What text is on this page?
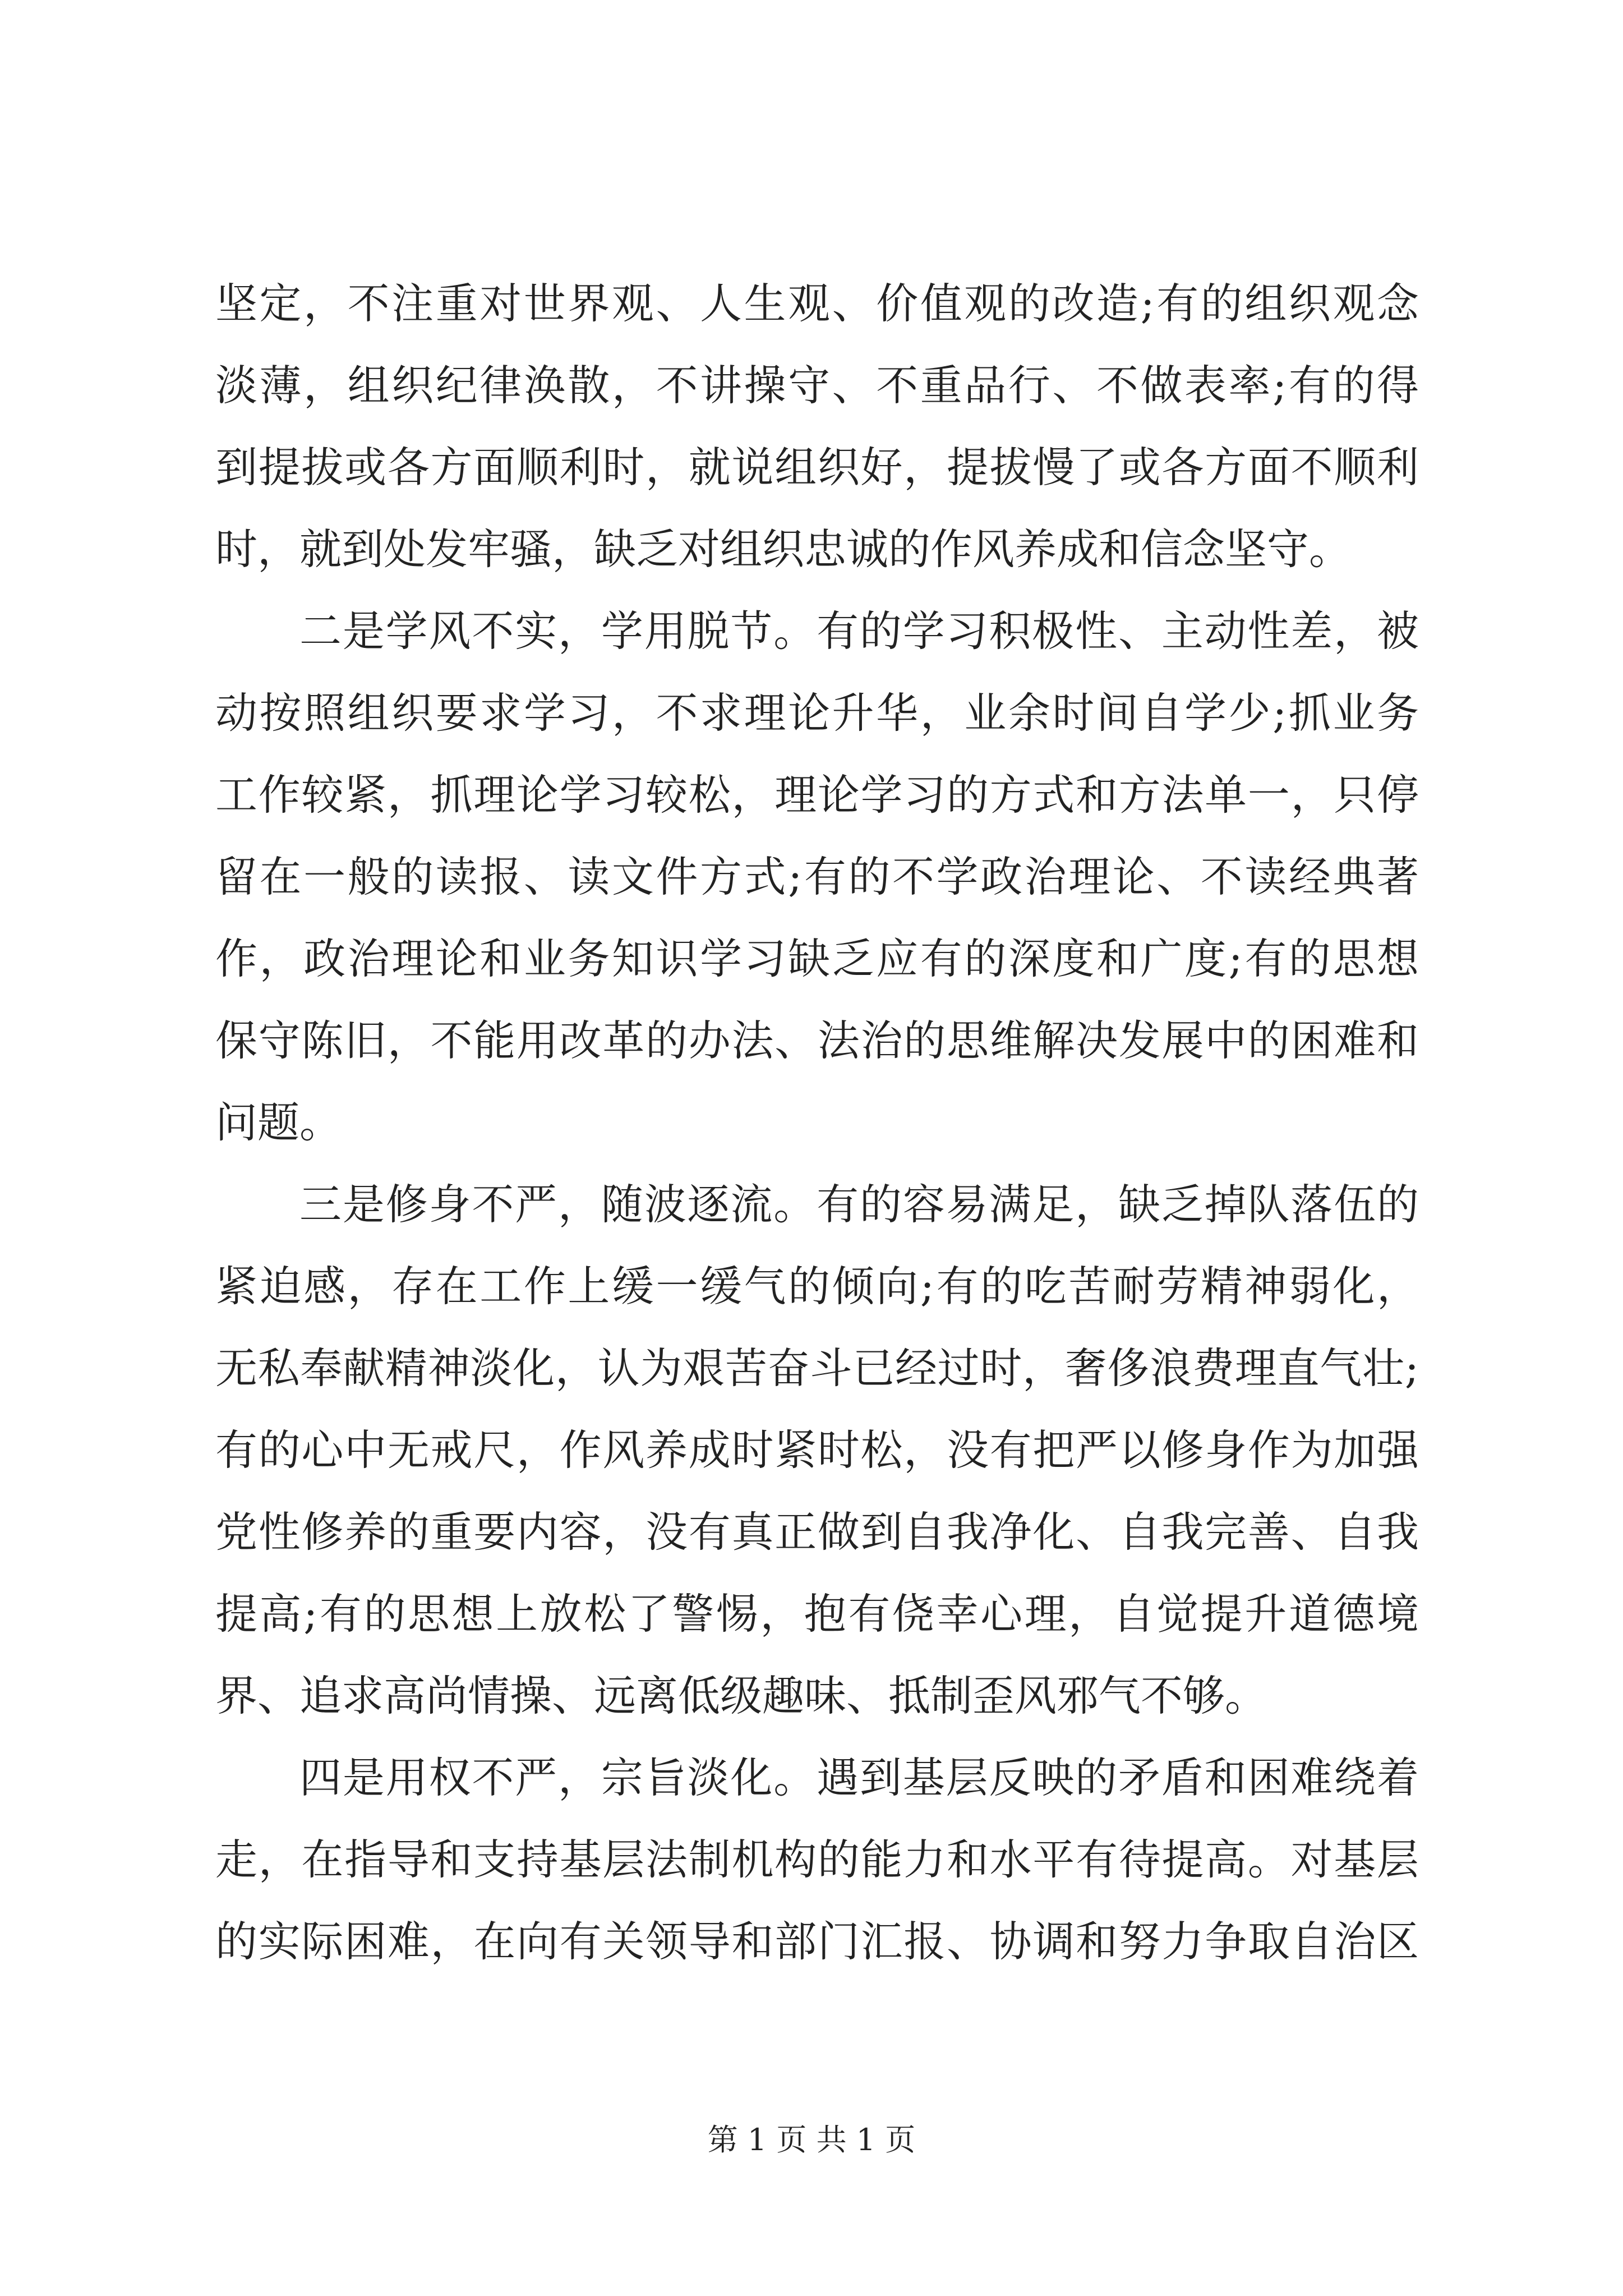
坚定，不注重对世界观、人生观、价值观的改造;有的组织观念
淡薄，组织纪律涣散，不讲操守、不重品行、不做表率;有的得
到提拔或各方面顺利时，就说组织好，提拔慢了或各方面不顺利
时，就到处发牢骚，缺乏对组织忠诚的作风养成和信念坚守。
二是学风不实，学用脱节。有的学习积极性、主动性差，被
动按照组织要求学习，不求理论升华，业余时间自学少;抓业务
工作较紧，抓理论学习较松，理论学习的方式和方法单一，只停
留在一般的读报、读文件方式;有的不学政治理论、不读经典著
作，政治理论和业务知识学习缺乏应有的深度和广度;有的思想
保守陈旧，不能用改革的办法、法治的思维解决发展中的困难和
问题。
三是修身不严，随波逐流。有的容易满足，缺乏掉队落伍的
紧迫感，存在工作上缓一缓气的倾向;有的吃苦耐劳精神弱化，
无私奉献精神淡化，认为艰苦奋斗已经过时，奢侈浪费理直气壮;
有的心中无戒尺，作风养成时紧时松，没有把严以修身作为加强
党性修养的重要内容，没有真正做到自我净化、自我完善、自我
提高;有的思想上放松了警惕，抱有侥幸心理，自觉提升道德境
界、追求高尚情操、远离低级趣味、抵制歪风邪气不够。
四是用权不严，宗旨淡化。遇到基层反映的矛盾和困难绕着
走，在指导和支持基层法制机构的能力和水平有待提高。对基层
的实际困难，在向有关领导和部门汇报、协调和努力争取自治区
第 1 页 共 1 页
